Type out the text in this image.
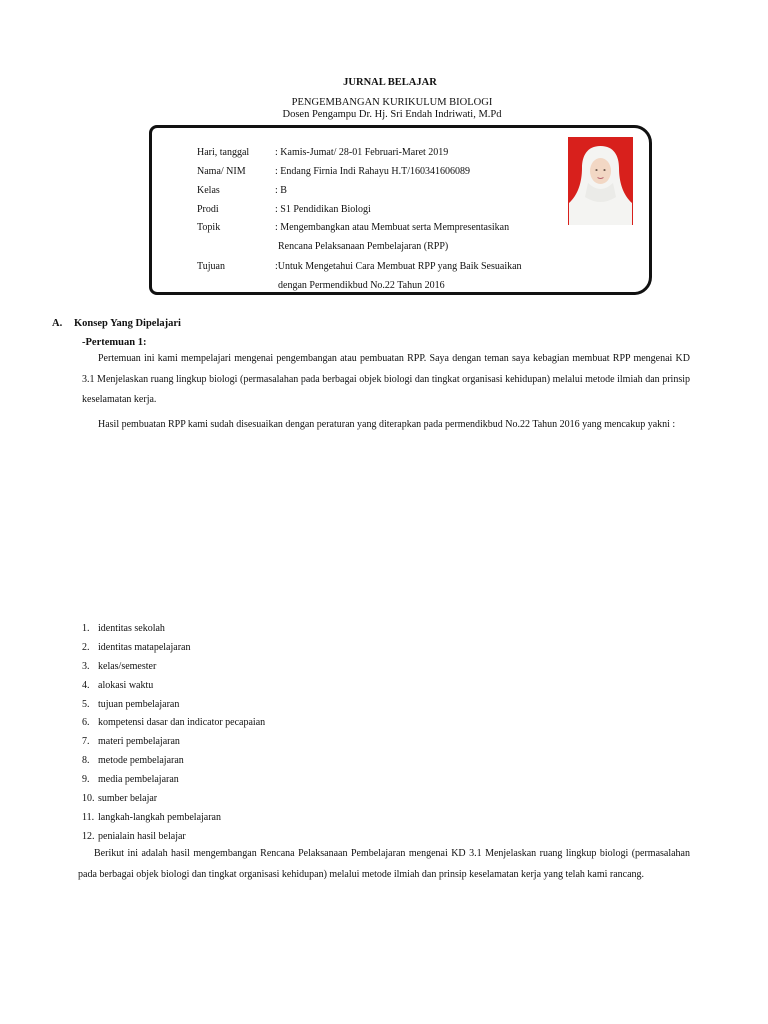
JURNAL BELAJAR
PENGEMBANGAN KURIKULUM BIOLOGI
Dosen Pengampu Dr. Hj. Sri Endah Indriwati, M.Pd
Hari, tanggal	: Kamis-Jumat/ 28-01 Februari-Maret 2019
Nama/ NIM	: Endang Firnia Indi Rahayu H.T/160341606089
Kelas	: B
Prodi	: S1 Pendidikan Biologi
Topik	: Mengembangkan atau Membuat serta Mempresentasikan
Rencana Pelaksanaan Pembelajaran (RPP)
Tujuan	:Untuk Mengetahui Cara Membuat RPP yang Baik Sesuaikan
dengan Permendikbud No.22 Tahun 2016
A. Konsep Yang Dipelajari
-Pertemuan 1:
Pertemuan ini kami mempelajari mengenai pengembangan atau pembuatan RPP. Saya dengan teman saya kebagian membuat RPP mengenai KD 3.1 Menjelaskan ruang lingkup biologi (permasalahan pada berbagai objek biologi dan tingkat organisasi kehidupan) melalui metode ilmiah dan prinsip keselamatan kerja.
Hasil pembuatan RPP kami sudah disesuaikan dengan peraturan yang diterapkan pada permendikbud No.22 Tahun 2016 yang mencakup yakni :
1. identitas sekolah
2. identitas matapelajaran
3. kelas/semester
4. alokasi waktu
5. tujuan pembelajaran
6. kompetensi dasar dan indicator pecapaian
7. materi pembelajaran
8. metode pembelajaran
9. media pembelajaran
10. sumber belajar
11. langkah-langkah pembelajaran
12. penialain hasil belajar
Berikut ini adalah hasil mengembangan Rencana Pelaksanaan Pembelajaran mengenai KD 3.1 Menjelaskan ruang lingkup biologi (permasalahan pada berbagai objek biologi dan tingkat organisasi kehidupan) melalui metode ilmiah dan prinsip keselamatan kerja yang telah kami rancang.
